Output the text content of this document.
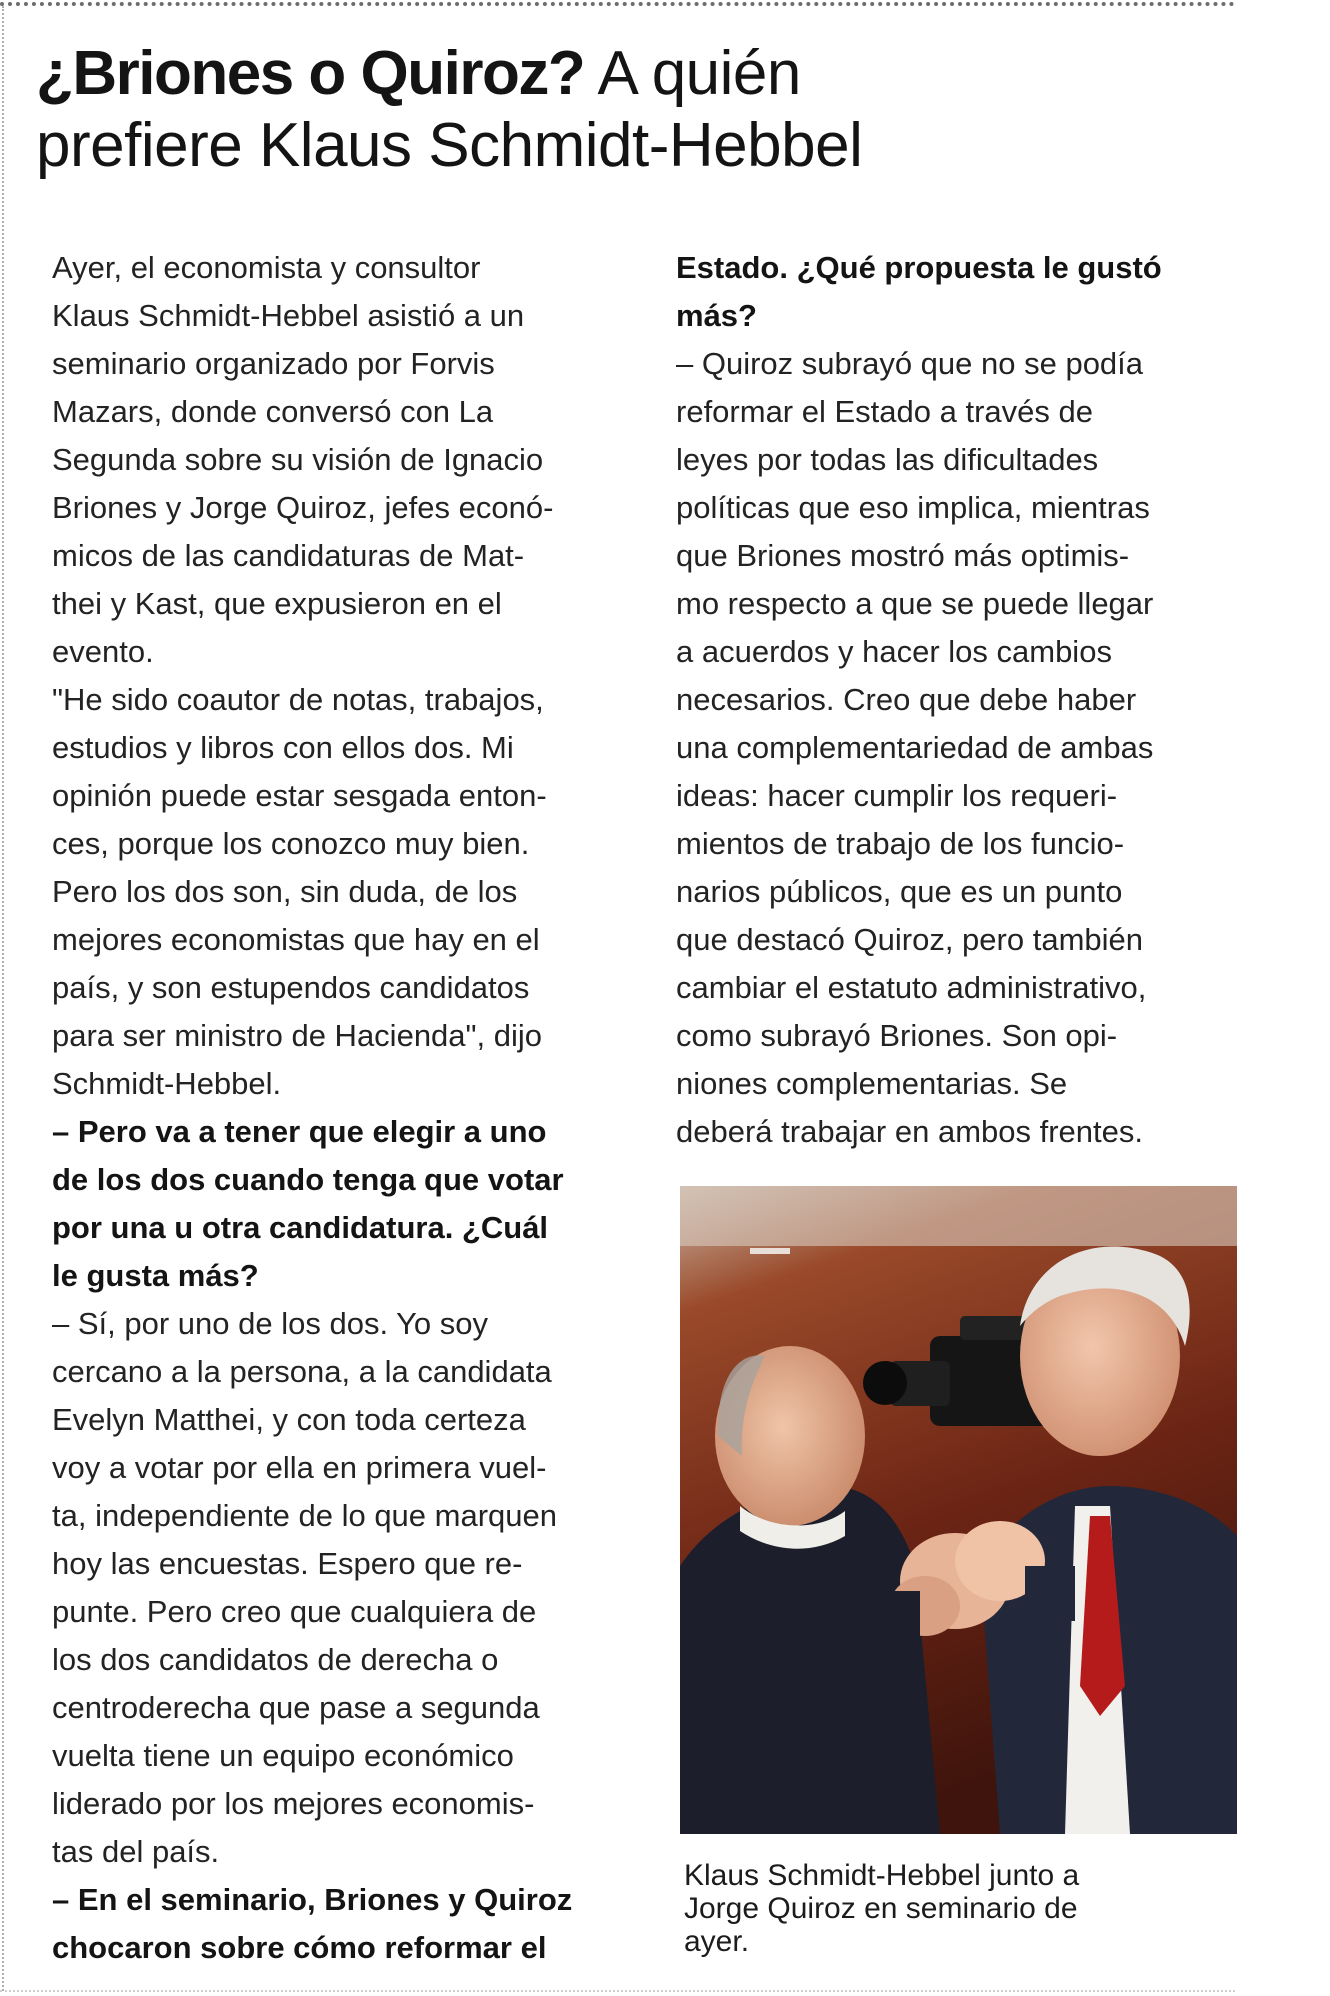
¿Briones o Quiroz? A quién
prefiere Klaus Schmidt-Hebbel

Ayer, el economista y consultor
Klaus Schmidt-Hebbel asistió a un
seminario organizado por Forvis
Mazars, donde conversó con La
Segunda sobre su visión de Ignacio
Briones y Jorge Quiroz, jefes econó-
micos de las candidaturas de Mat-
thei y Kast, que expusieron en el
evento.

"He sido coautor de notas, trabajos,
estudios y libros con ellos dos. Mi
opinión puede estar sesgada enton-
ces, porque los conozco muy bien.
Pero los dos son, sin duda, de los
mejores economistas que hay en el
país, y son estupendos candidatos
para ser ministro de Hacienda", dijo
Schmidt-Hebbel.

– Pero va a tener que elegir a uno
de los dos cuando tenga que votar
por una u otra candidatura. ¿Cuál
le gusta más?

– Sí, por uno de los dos. Yo soy
cercano a la persona, a la candidata
Evelyn Matthei, y con toda certeza
voy a votar por ella en primera vuel-
ta, independiente de lo que marquen
hoy las encuestas. Espero que re-
punte. Pero creo que cualquiera de
los dos candidatos de derecha o
centroderecha que pase a segunda
vuelta tiene un equipo económico
liderado por los mejores economis-
tas del país.

– En el seminario, Briones y Quiroz
chocaron sobre cómo reformar el

Estado. ¿Qué propuesta le gustó
más?

– Quiroz subrayó que no se podía
reformar el Estado a través de
leyes por todas las dificultades
políticas que eso implica, mientras
que Briones mostró más optimis-
mo respecto a que se puede llegar
a acuerdos y hacer los cambios
necesarios. Creo que debe haber
una complementariedad de ambas
ideas: hacer cumplir los requeri-
mientos de trabajo de los funcio-
narios públicos, que es un punto
que destacó Quiroz, pero también
cambiar el estatuto administrativo,
como subrayó Briones. Son opi-
niones complementarias. Se
deberá trabajar en ambos frentes.

Klaus Schmidt-Hebbel junto a
Jorge Quiroz en seminario de
ayer.
